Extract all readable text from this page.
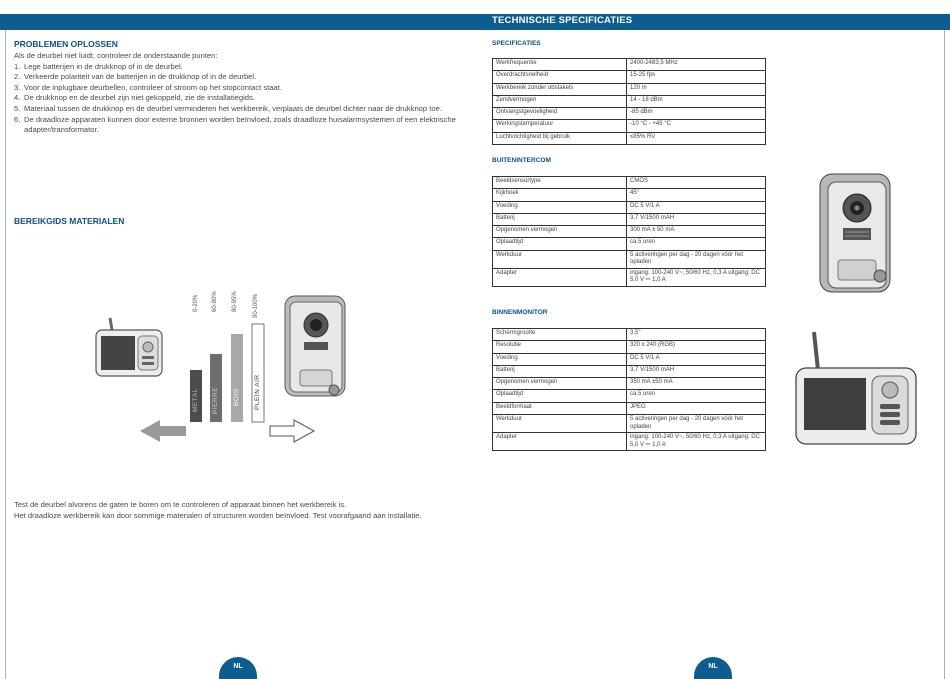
TECHNISCHE SPECIFICATIES
PROBLEMEN OPLOSSEN
Als de deurbel niet luidt, controleer de onderstaande punten:
1. Lege batterijen in de drukknop of in de deurbel.
2. Verkeerde polariteit van de batterijen in de drukknop of in de deurbel.
3. Voor de inplugbare deurbellen, controleer of stroom op het stopcontact staat.
4. De drukknop en de deurbel zijn niet gekoppeld, zie de installatiegids.
5. Materiaal tussen de drukknop en de deurbel verminderen het werkbereik, verplaats de deurbel dichter naar de drukknop toe.
6. De draadloze apparaten kunnen door externe bronnen worden beïnvloed, zoals draadloze huisalarmsystemen of een elektrische adapter/transformator.
BEREIKGIDS MATERIALEN
0-20% 60-80% 80-95%	90-100%
METAL PIERRE BOIS PLEIN AIR
Test de deurbel alvorens de gaten te boren om te controleren of apparaat binnen het werkbereik is.
Het draadloze werkbereik kan door sommige materialen of structuren worden beïnvloed. Test voorafgaand aan installatie.
SPECIFICATIES
Werkfrequentie	2400-2483,5 MHz
Overdrachtsnelheid	15-25 fps
Werkbereik zonder obstakels	120 m
Zendvermogen	14 - 18 dBm
Ontvangstgevoeligheid	-85 dBm
Werkingstemperatuur	-10 °C - +45 °C
Luchtvochtigheid bij gebruik	≤85% RV
BUITENINTERCOM
Beeldsensortype	CMOS
Kijkhoek	45°
Voeding	DC 5 V/1 A
Batterij	3,7 V/1500 mAH
Opgenomen vermogen	300 mA ± 50 mA
Oplaadtijd	ca.5 uren
Werkduur	5 activeringen per dag - 20 dagen vóór het opladen
Adapter	ingang: 100-240 V~, 50/60 Hz, 0,3 A uitgang: DC 5,0 V ⎓ 1,0 A
BINNENMONITOR
Schermgrootte	3,5"
Resolutie	320 x 240 (RGB)
Voeding	DC 5 V/1 A
Batterij	3,7 V/1500 mAH
Opgenomen vermogen	350 mA ±50 mA
Oplaadtijd	ca.5 uren
Beeldformaat	JPEG
Werkduur	5 activeringen per dag - 20 dagen vóór het opladen
Adapter	ingang: 100-240 V~, 50/60 Hz, 0,3 A uitgang: DC 5,0 V ⎓ 1,0 A
NL	NL
